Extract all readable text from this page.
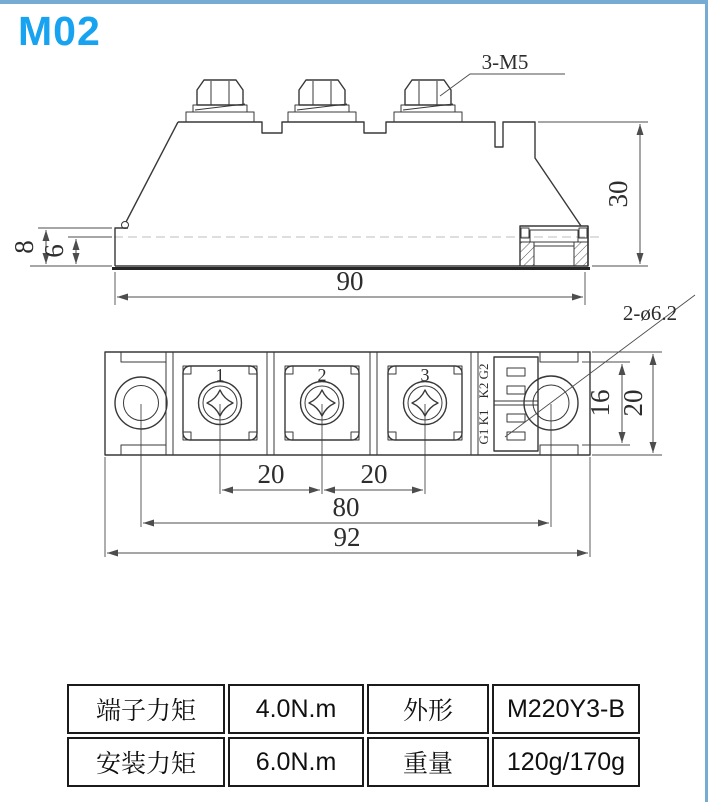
M02
3-M5
30
8 6
90
1	2	3	K2 G2
G1 K1
2-ø6.2
16 20
20	20
80
92
端子力矩	4.0N.m	外形	M220Y3-B
安装力矩	6.0N.m	重量	120g/170g
